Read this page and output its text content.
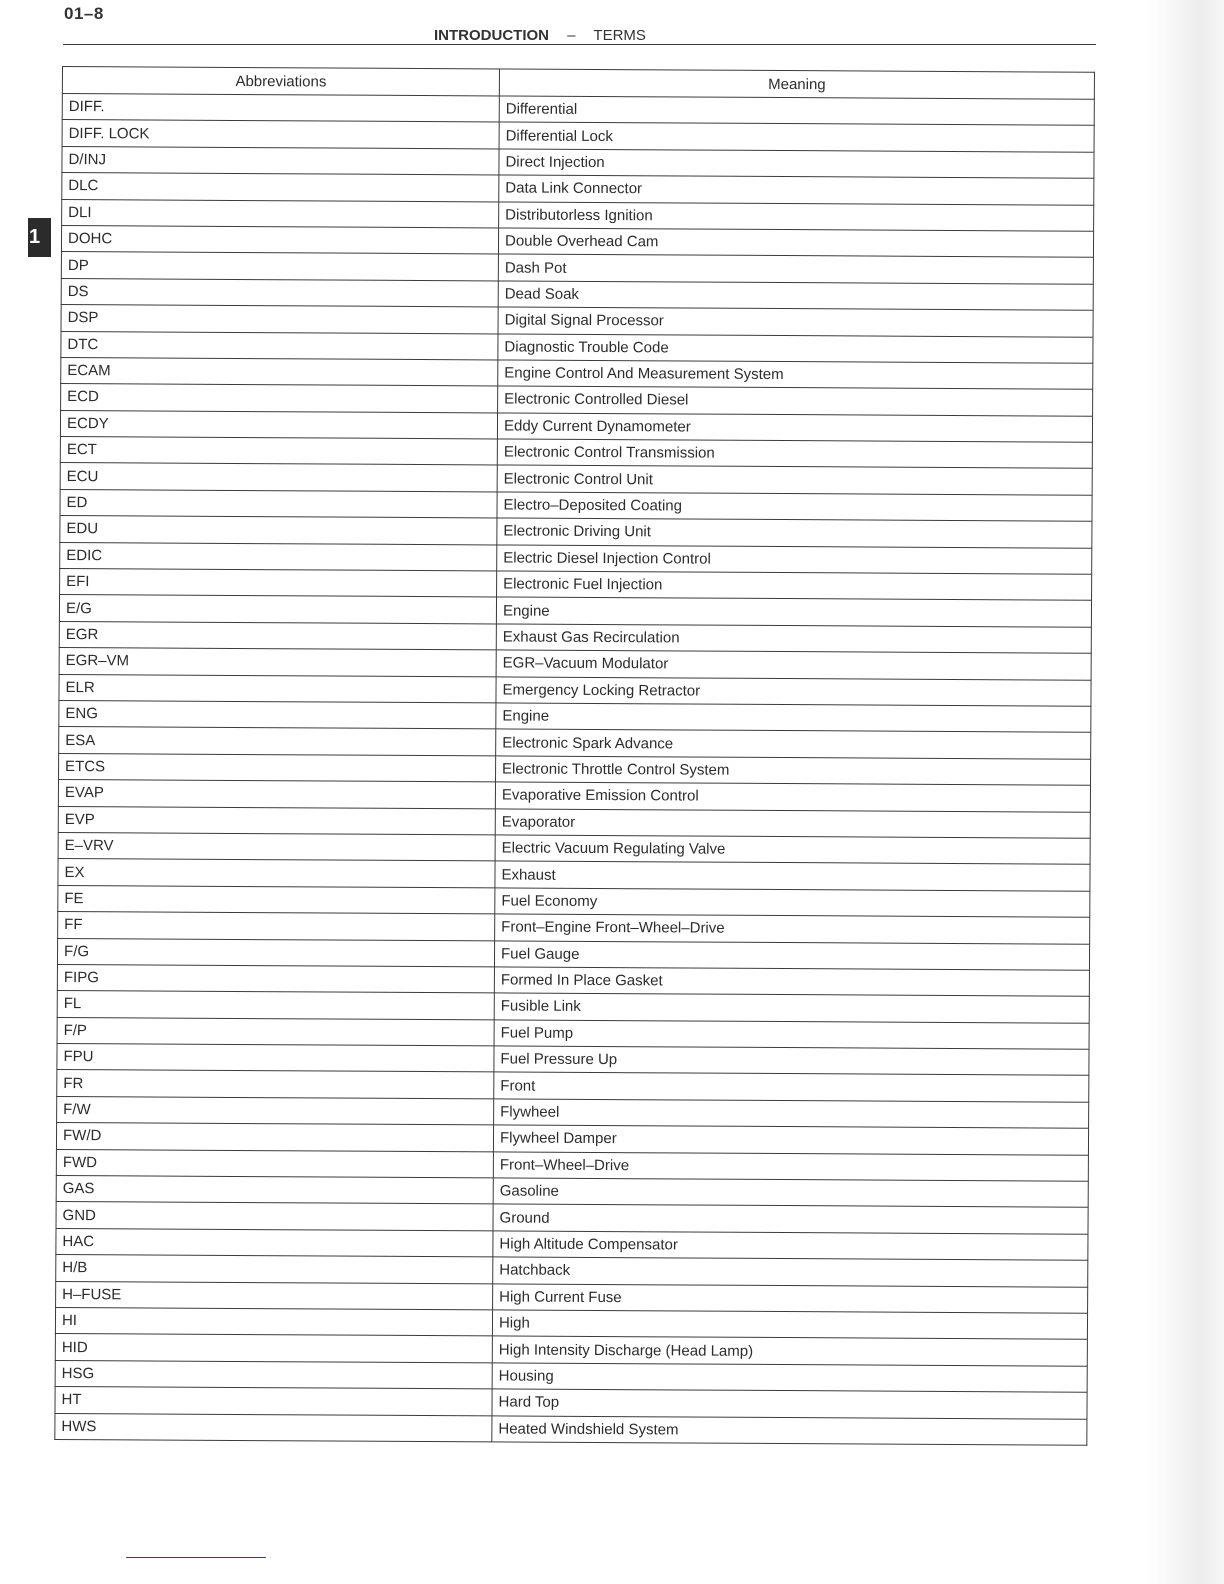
01–8
INTRODUCTION – TERMS
1
Abbreviations	Meaning
DIFF.	Differential
DIFF. LOCK	Differential Lock
D/INJ	Direct Injection
DLC	Data Link Connector
DLI	Distributorless Ignition
DOHC	Double Overhead Cam
DP	Dash Pot
DS	Dead Soak
DSP	Digital Signal Processor
DTC	Diagnostic Trouble Code
ECAM	Engine Control And Measurement System
ECD	Electronic Controlled Diesel
ECDY	Eddy Current Dynamometer
ECT	Electronic Control Transmission
ECU	Electronic Control Unit
ED	Electro–Deposited Coating
EDU	Electronic Driving Unit
EDIC	Electric Diesel Injection Control
EFI	Electronic Fuel Injection
E/G	Engine
EGR	Exhaust Gas Recirculation
EGR–VM	EGR–Vacuum Modulator
ELR	Emergency Locking Retractor
ENG	Engine
ESA	Electronic Spark Advance
ETCS	Electronic Throttle Control System
EVAP	Evaporative Emission Control
EVP	Evaporator
E–VRV	Electric Vacuum Regulating Valve
EX	Exhaust
FE	Fuel Economy
FF	Front–Engine Front–Wheel–Drive
F/G	Fuel Gauge
FIPG	Formed In Place Gasket
FL	Fusible Link
F/P	Fuel Pump
FPU	Fuel Pressure Up
FR	Front
F/W	Flywheel
FW/D	Flywheel Damper
FWD	Front–Wheel–Drive
GAS	Gasoline
GND	Ground
HAC	High Altitude Compensator
H/B	Hatchback
H–FUSE	High Current Fuse
HI	High
HID	High Intensity Discharge (Head Lamp)
HSG	Housing
HT	Hard Top
HWS	Heated Windshield System
